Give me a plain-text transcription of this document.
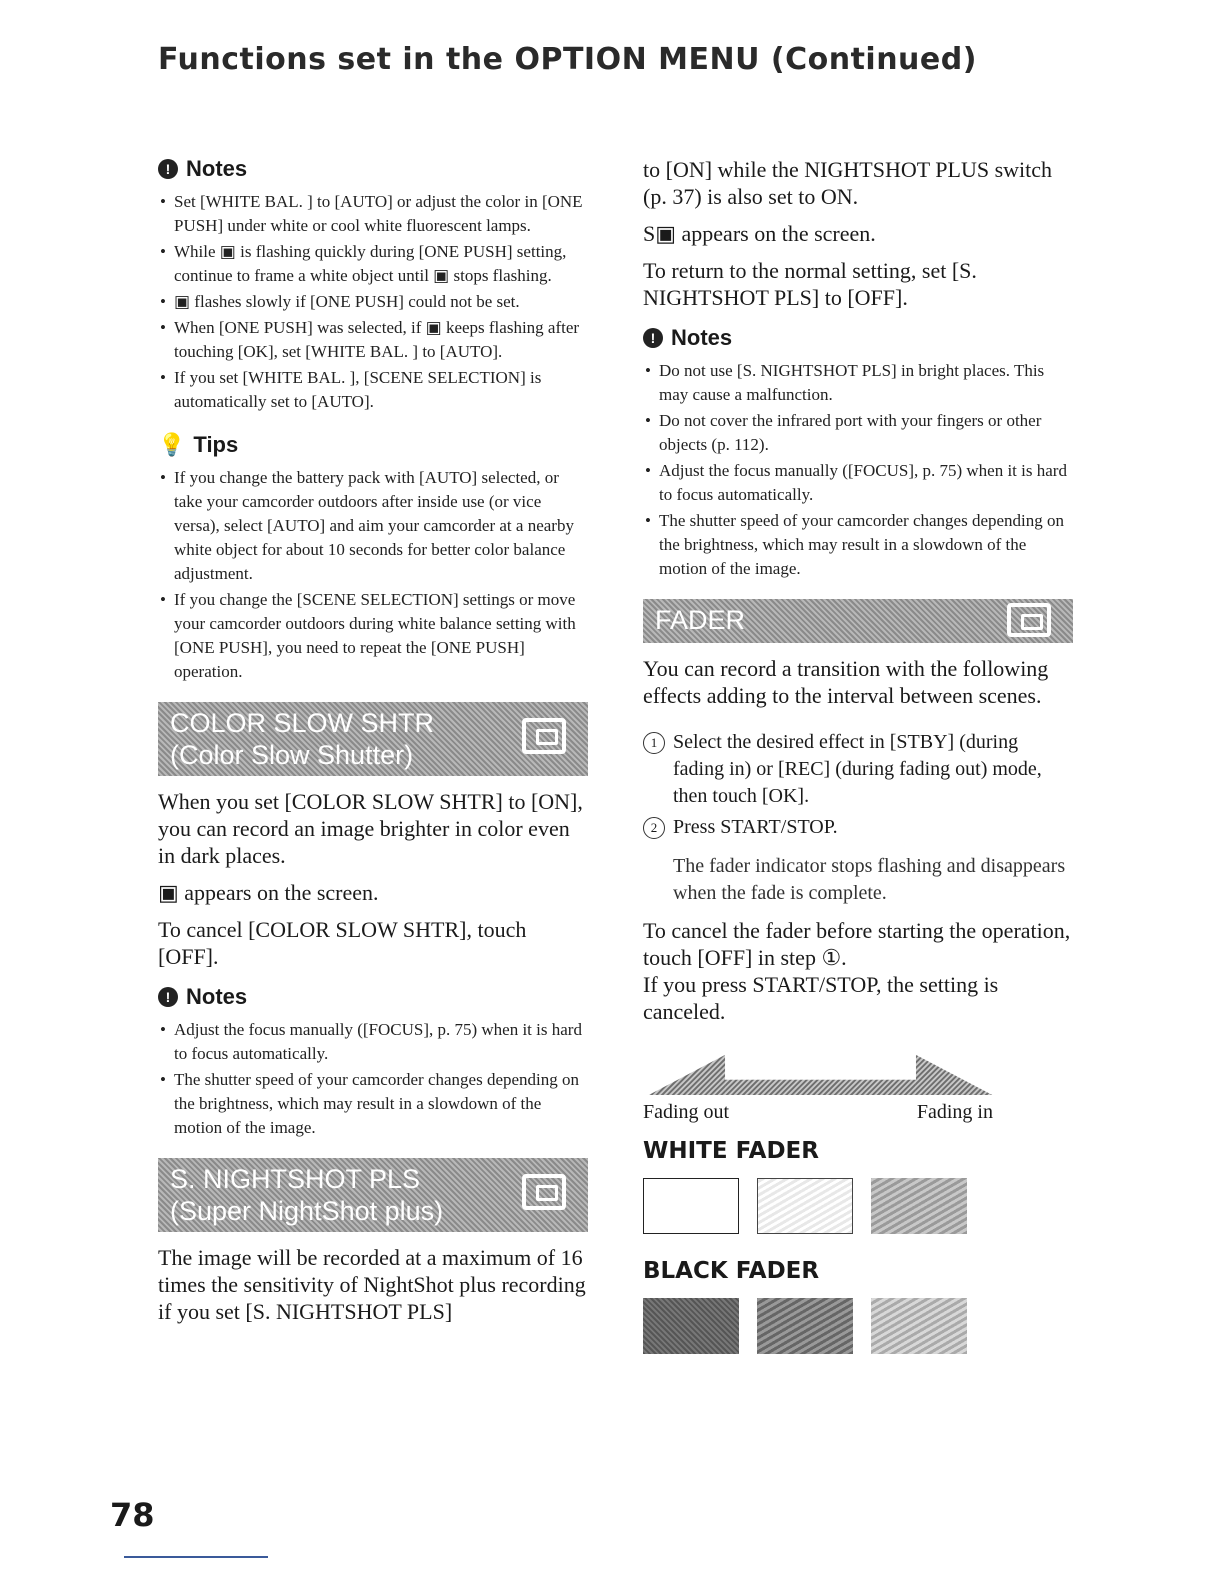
Functions set in the OPTION MENU (Continued)
! Notes
• Set [WHITE BAL. ] to [AUTO] or adjust the color in [ONE PUSH] under white or cool white fluorescent lamps.
• While ▣ is flashing quickly during [ONE PUSH] setting, continue to frame a white object until ▣ stops flashing.
• ▣ flashes slowly if [ONE PUSH] could not be set.
• When [ONE PUSH] was selected, if ▣ keeps flashing after touching [OK], set [WHITE BAL. ] to [AUTO].
• If you set [WHITE BAL. ], [SCENE SELECTION] is automatically set to [AUTO].
💡 Tips
• If you change the battery pack with [AUTO] selected, or take your camcorder outdoors after inside use (or vice versa), select [AUTO] and aim your camcorder at a nearby white object for about 10 seconds for better color balance adjustment.
• If you change the [SCENE SELECTION] settings or move your camcorder outdoors during white balance setting with [ONE PUSH], you need to repeat the [ONE PUSH] operation.
COLOR SLOW SHTR
(Color Slow Shutter)

When you set [COLOR SLOW SHTR] to [ON], you can record an image brighter in color even in dark places.

▣ appears on the screen.

To cancel [COLOR SLOW SHTR], touch [OFF].

! Notes
• Adjust the focus manually ([FOCUS], p. 75) when it is hard to focus automatically.
• The shutter speed of your camcorder changes depending on the brightness, which may result in a slowdown of the motion of the image.
S. NIGHTSHOT PLS
(Super NightShot plus)

The image will be recorded at a maximum of 16 times the sensitivity of NightShot plus recording if you set [S. NIGHTSHOT PLS]

to [ON] while the NIGHTSHOT PLUS switch (p. 37) is also set to ON.

S▣ appears on the screen.

To return to the normal setting, set [S. NIGHTSHOT PLS] to [OFF].

! Notes
• Do not use [S. NIGHTSHOT PLS] in bright places. This may cause a malfunction.
• Do not cover the infrared port with your fingers or other objects (p. 112).
• Adjust the focus manually ([FOCUS], p. 75) when it is hard to focus automatically.
• The shutter speed of your camcorder changes depending on the brightness, which may result in a slowdown of the motion of the image.
FADER

You can record a transition with the following effects adding to the interval between scenes.

1 Select the desired effect in [STBY] (during fading in) or [REC] (during fading out) mode, then touch [OK].
2 Press START/STOP.

The fader indicator stops flashing and disappears when the fade is complete.

To cancel the fader before starting the operation, touch [OFF] in step ①.

If you press START/STOP, the setting is canceled.

Fading out	Fading in
WHITE FADER
BLACK FADER
78
